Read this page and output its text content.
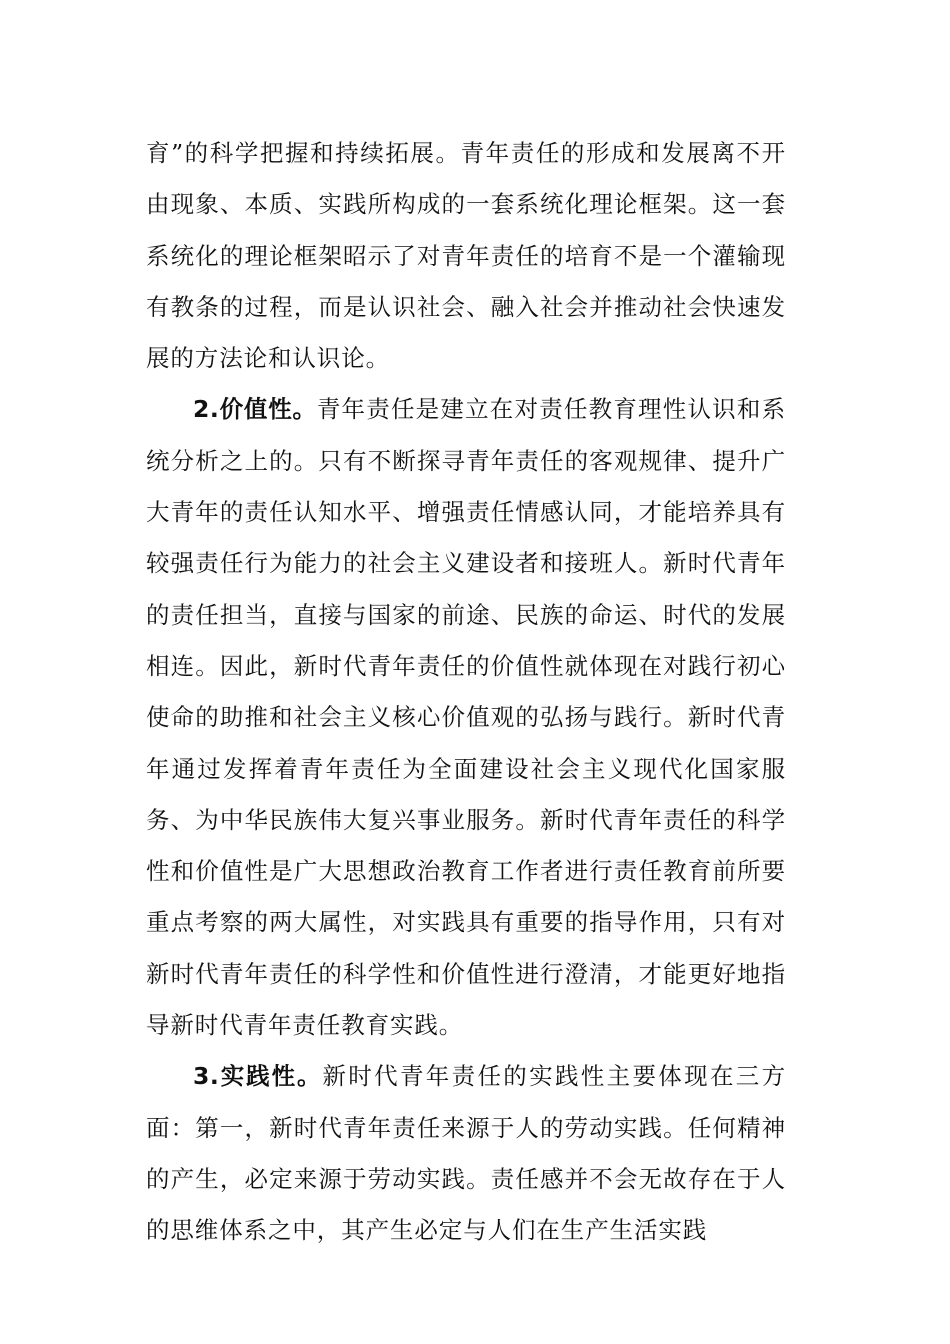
育”的科学把握和持续拓展。青年责任的形成和发展离不开由现象、本质、实践所构成的一套系统化理论框架。这一套系统化的理论框架昭示了对青年责任的培育不是一个灌输现有教条的过程，而是认识社会、融入社会并推动社会快速发展的方法论和认识论。

2.价值性。青年责任是建立在对责任教育理性认识和系统分析之上的。只有不断探寻青年责任的客观规律、提升广大青年的责任认知水平、增强责任情感认同，才能培养具有较强责任行为能力的社会主义建设者和接班人。新时代青年的责任担当，直接与国家的前途、民族的命运、时代的发展相连。因此，新时代青年责任的价值性就体现在对践行初心使命的助推和社会主义核心价值观的弘扬与践行。新时代青年通过发挥着青年责任为全面建设社会主义现代化国家服务、为中华民族伟大复兴事业服务。新时代青年责任的科学性和价值性是广大思想政治教育工作者进行责任教育前所要重点考察的两大属性，对实践具有重要的指导作用，只有对新时代青年责任的科学性和价值性进行澄清，才能更好地指导新时代青年责任教育实践。

3.实践性。新时代青年责任的实践性主要体现在三方面：第一，新时代青年责任来源于人的劳动实践。任何精神的产生，必定来源于劳动实践。责任感并不会无故存在于人的思维体系之中，其产生必定与人们在生产生活实践
